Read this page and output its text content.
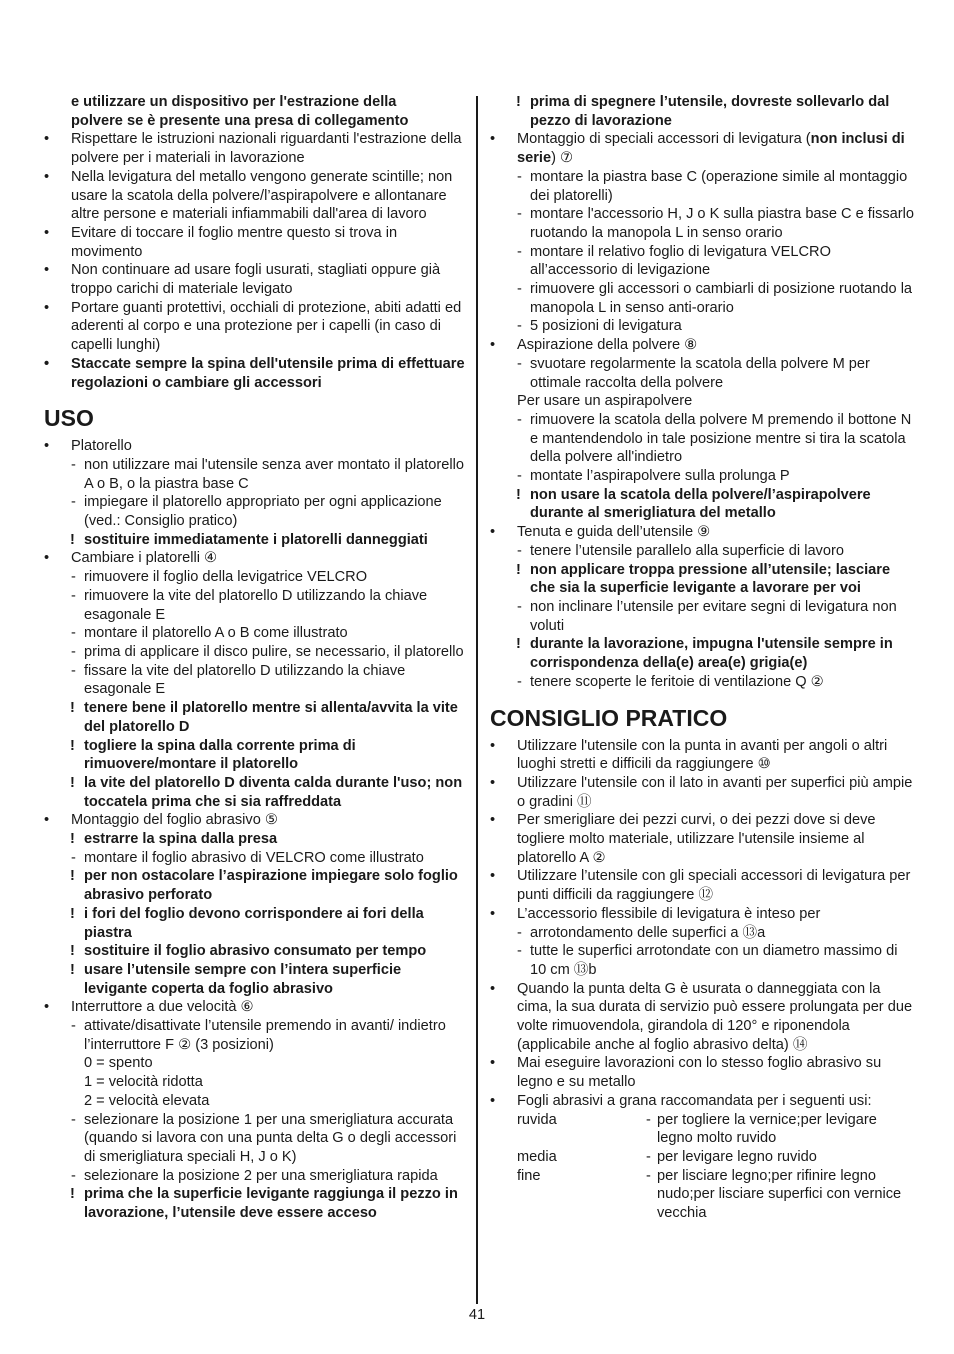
e utilizzare un dispositivo per l'estrazione della
polvere se è presente una presa di collegamento
• Rispettare le istruzioni nazionali riguardanti l'estrazione della polvere per i materiali in lavorazione
• Nella levigatura del metallo vengono generate scintille; non usare la scatola della polvere/l’aspirapolvere e allontanare altre persone e materiali infiammabili dall'area di lavoro
• Evitare di toccare il foglio mentre questo si trova in movimento
• Non continuare ad usare fogli usurati, stagliati oppure già troppo carichi di materiale levigato
• Portare guanti protettivi, occhiali di protezione, abiti adatti ed aderenti al corpo e una protezione per i capelli (in caso di capelli lunghi)
• Staccate sempre la spina dell'utensile prima di effettuare regolazioni o cambiare gli accessori
USO
• Platorello
- non utilizzare mai l'utensile senza aver montato il platorello A o B, o la piastra base C
- impiegare il platorello appropriato per ogni applicazione (ved.: Consiglio pratico)
! sostituire immediatamente i platorelli danneggiati
• Cambiare i platorelli ④
- rimuovere il foglio della levigatrice VELCRO
- rimuovere la vite del platorello D utilizzando la chiave esagonale E
- montare il platorello A o B come illustrato
- prima di applicare il disco pulire, se necessario, il platorello
- fissare la vite del platorello D utilizzando la chiave esagonale E
! tenere bene il platorello mentre si allenta/avvita la vite del platorello D
! togliere la spina dalla corrente prima di rimuovere/montare il platorello
! la vite del platorello D diventa calda durante l'uso; non toccatela prima che si sia raffreddata
• Montaggio del foglio abrasivo ⑤
! estrarre la spina dalla presa
- montare il foglio abrasivo di VELCRO come illustrato
! per non ostacolare l’aspirazione impiegare solo foglio abrasivo perforato
! i fori del foglio devono corrispondere ai fori della piastra
! sostituire il foglio abrasivo consumato per tempo
! usare l’utensile sempre con l’intera superficie levigante coperta da foglio abrasivo
• Interruttore a due velocità ⑥
- attivate/disattivate l’utensile premendo in avanti/ indietro l’interruttore F ② (3 posizioni)
0 = spento
1 = velocità ridotta
2 = velocità elevata
- selezionare la posizione 1 per una smerigliatura accurata (quando si lavora con una punta delta G o degli accessori di smerigliatura speciali H, J o K)
- selezionare la posizione 2 per una smerigliatura rapida
! prima che la superficie levigante raggiunga il pezzo in lavorazione, l’utensile deve essere acceso
! prima di spegnere l’utensile, dovreste sollevarlo dal pezzo di lavorazione
• Montaggio di speciali accessori di levigatura (non inclusi di serie) ⑦
- montare la piastra base C (operazione simile al montaggio dei platorelli)
- montare l'accessorio H, J o K sulla piastra base C e fissarlo ruotando la manopola L in senso orario
- montare il relativo foglio di levigatura VELCRO all’accessorio di levigazione
- rimuovere gli accessori o cambiarli di posizione ruotando la manopola L in senso anti-orario
- 5 posizioni di levigatura
• Aspirazione della polvere ⑧
- svuotare regolarmente la scatola della polvere M per ottimale raccolta della polvere
Per usare un aspirapolvere
- rimuovere la scatola della polvere M premendo il bottone N e mantendendolo in tale posizione mentre si tira la scatola della polvere all'indietro
- montate l’aspirapolvere sulla prolunga P
! non usare la scatola della polvere/l’aspirapolvere durante al smerigliatura del metallo
• Tenuta e guida dell’utensile ⑨
- tenere l’utensile parallelo alla superficie di lavoro
! non applicare troppa pressione all’utensile; lasciare che sia la superficie levigante a lavorare per voi
- non inclinare l’utensile per evitare segni di levigatura non voluti
! durante la lavorazione, impugna l'utensile sempre in corrispondenza della(e) area(e) grigia(e)
- tenere scoperte le feritoie di ventilazione Q ②
CONSIGLIO PRATICO
• Utilizzare l'utensile con la punta in avanti per angoli o altri luoghi stretti e difficili da raggiungere ⑩
• Utilizzare l'utensile con il lato in avanti per superfici più ampie o gradini ⑪
• Per smerigliare dei pezzi curvi, o dei pezzi dove si deve togliere molto materiale, utilizzare l'utensile insieme al platorello A ②
• Utilizzare l’utensile con gli speciali accessori di levigatura per punti difficili da raggiungere ⑫
• L’accessorio flessibile di levigatura è inteso per
- arrotondamento delle superfici a ⑬a
- tutte le superfici arrotondate con un diametro massimo di 10 cm ⑬b
• Quando la punta delta G è usurata o danneggiata con la cima, la sua durata di servizio può essere prolungata per due volte rimuovendola, girandola di 120° e riponendola (applicabile anche al foglio abrasivo delta) ⑭
• Mai eseguire lavorazioni con lo stesso foglio abrasivo su legno e su metallo
• Fogli abrasivi a grana raccomandata per i seguenti usi:
ruvida	- per togliere la vernice;per levigare legno molto ruvido
media	- per levigare legno ruvido
fine	- per lisciare legno;per rifinire legno nudo;per lisciare superfici con vernice vecchia
41
